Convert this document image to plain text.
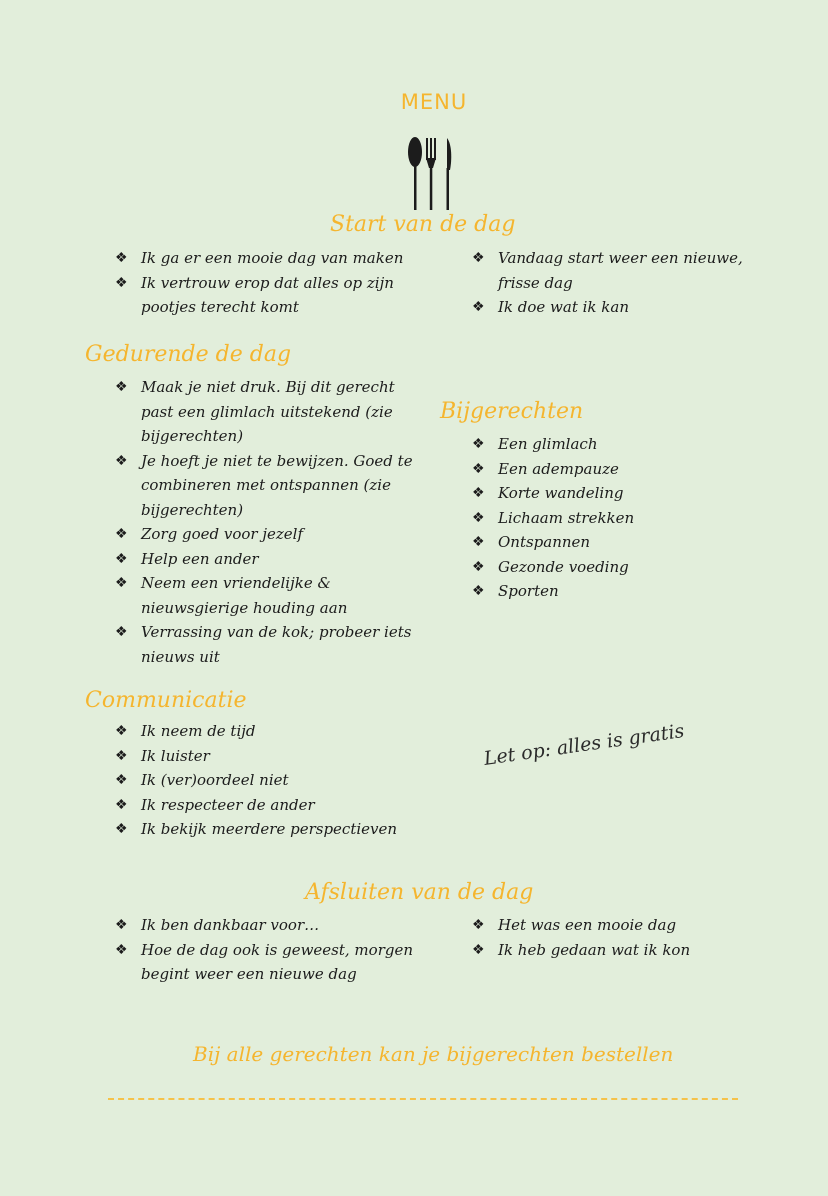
MENU
Start van de dag
❖ Ik ga er een mooie dag van maken
❖ Ik vertrouw erop dat alles op zijn pootjes terecht komt
❖ Vandaag start weer een nieuwe, frisse dag
❖ Ik doe wat ik kan
Gedurende de dag
❖ Maak je niet druk. Bij dit gerecht past een glimlach uitstekend (zie bijgerechten)
❖ Je hoeft je niet te bewijzen. Goed te combineren met ontspannen (zie bijgerechten)
❖ Zorg goed voor jezelf
❖ Help een ander
❖ Neem een vriendelijke & nieuwsgierige houding aan
❖ Verrassing van de kok; probeer iets nieuws uit
Bijgerechten
❖ Een glimlach
❖ Een adempauze
❖ Korte wandeling
❖ Lichaam strekken
❖ Ontspannen
❖ Gezonde voeding
❖ Sporten
Communicatie
❖ Ik neem de tijd
❖ Ik luister
❖ Ik (ver)oordeel niet
❖ Ik respecteer de ander
❖ Ik bekijk meerdere perspectieven
Let op: alles is gratis
Afsluiten van de dag
❖ Ik ben dankbaar voor…
❖ Hoe de dag ook is geweest, morgen begint weer een nieuwe dag
❖ Het was een mooie dag
❖ Ik heb gedaan wat ik kon
Bij alle gerechten kan je bijgerechten bestellen
